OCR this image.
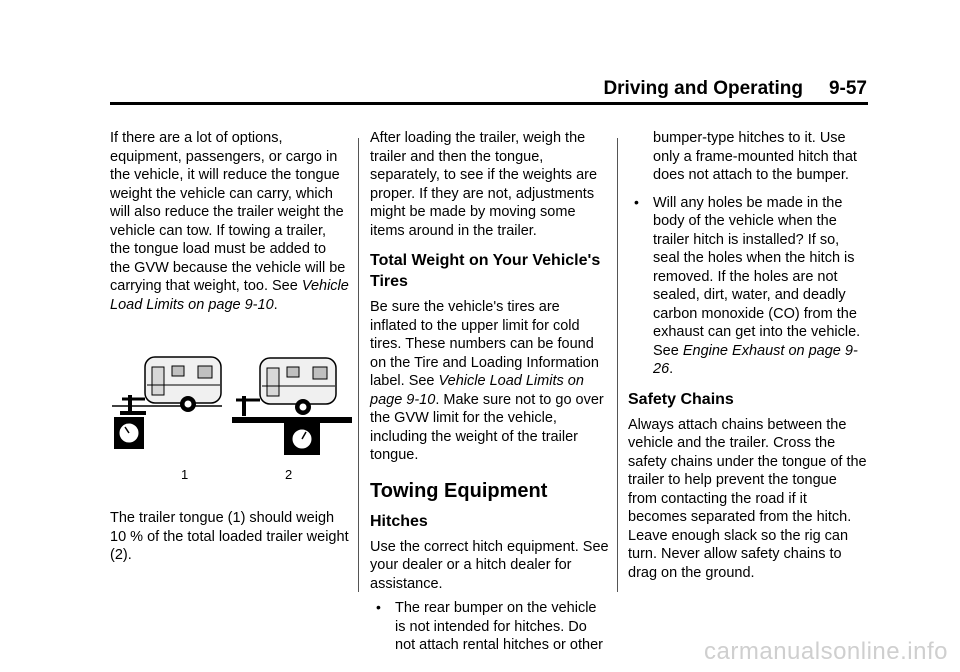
Driving and Operating 9-57

If there are a lot of options, equipment, passengers, or cargo in the vehicle, it will reduce the tongue weight the vehicle can carry, which will also reduce the trailer weight the vehicle can tow. If towing a trailer, the tongue load must be added to the GVW because the vehicle will be carrying that weight, too. See Vehicle Load Limits on page 9-10.

1	2
The trailer tongue (1) should weigh 10 % of the total loaded trailer weight (2).

After loading the trailer, weigh the trailer and then the tongue, separately, to see if the weights are proper. If they are not, adjustments might be made by moving some items around in the trailer.

Total Weight on Your Vehicle's Tires

Be sure the vehicle's tires are inflated to the upper limit for cold tires. These numbers can be found on the Tire and Loading Information label. See Vehicle Load Limits on page 9-10. Make sure not to go over the GVW limit for the vehicle, including the weight of the trailer tongue.

Towing Equipment
Hitches

Use the correct hitch equipment. See your dealer or a hitch dealer for assistance.

• The rear bumper on the vehicle is not intended for hitches. Do not attach rental hitches or other
bumper-type hitches to it. Use only a frame-mounted hitch that does not attach to the bumper.
• Will any holes be made in the body of the vehicle when the trailer hitch is installed? If so, seal the holes when the hitch is removed. If the holes are not sealed, dirt, water, and deadly carbon monoxide (CO) from the exhaust can get into the vehicle. See Engine Exhaust on page 9-26.
Safety Chains

Always attach chains between the vehicle and the trailer. Cross the safety chains under the tongue of the trailer to help prevent the tongue from contacting the road if it becomes separated from the hitch. Leave enough slack so the rig can turn. Never allow safety chains to drag on the ground.

carmanualsonline.info
